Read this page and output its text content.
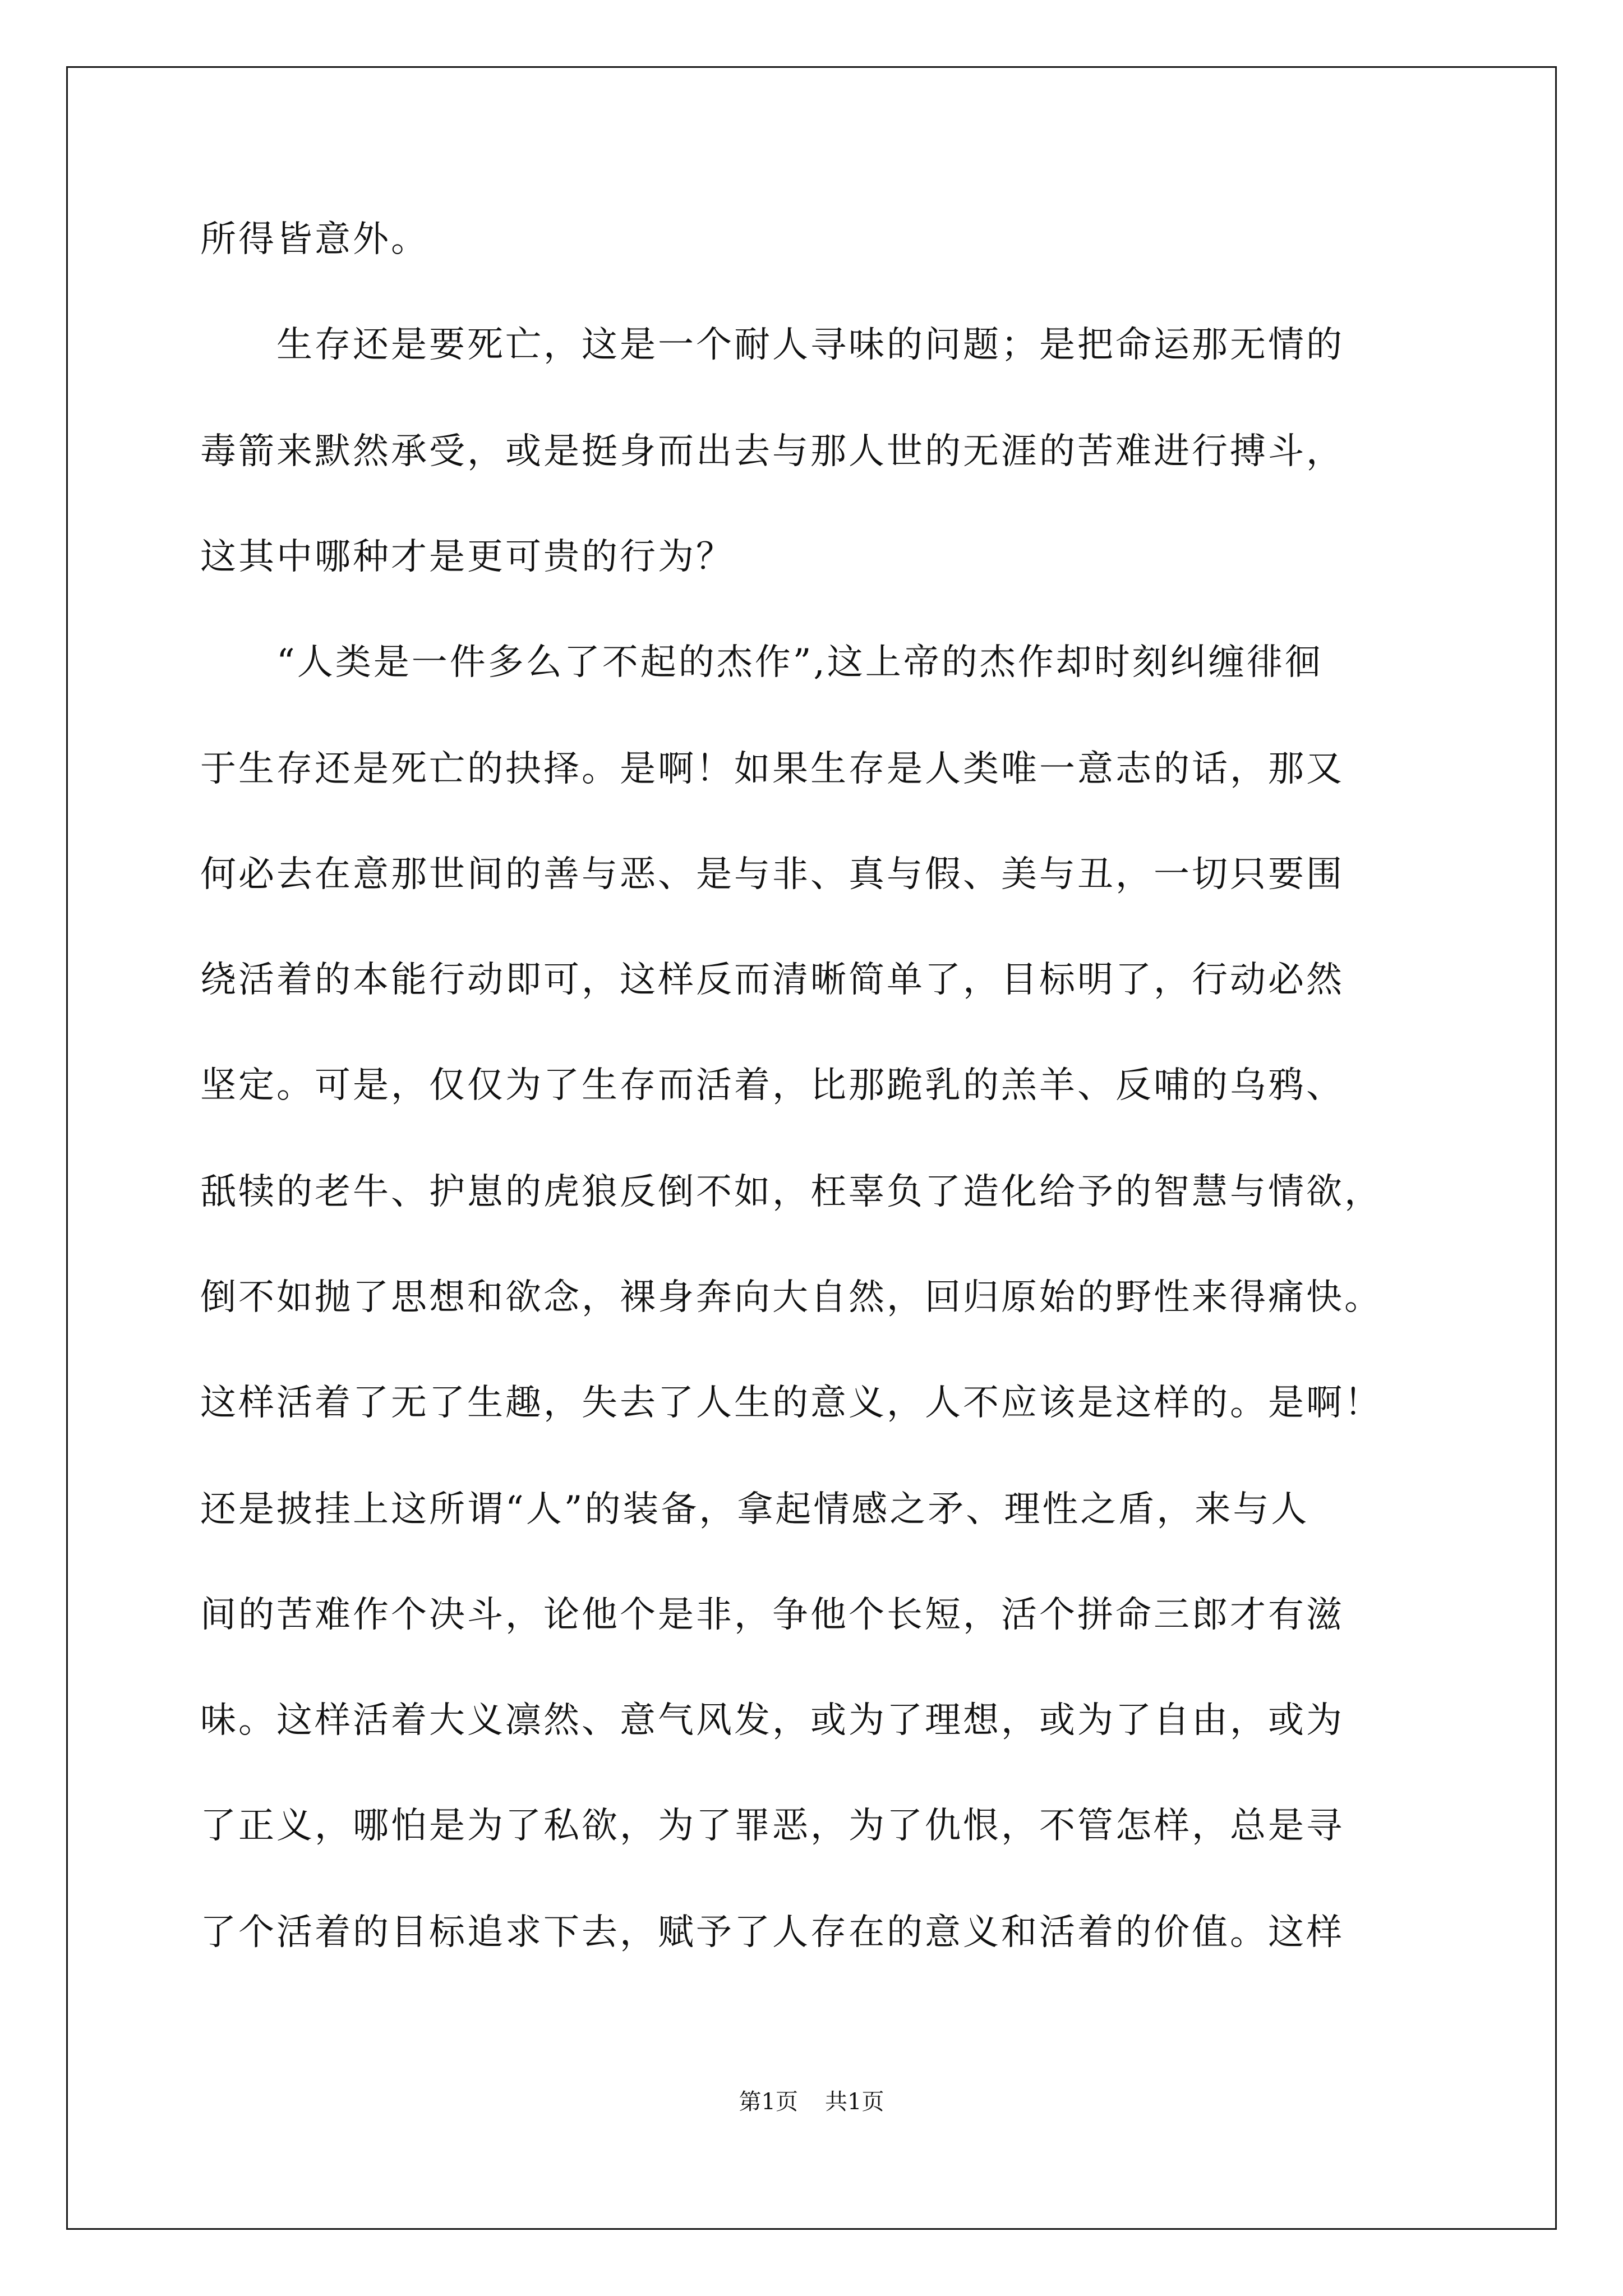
所得皆意外。
　　生存还是要死亡，这是一个耐人寻味的问题；是把命运那无情的
毒箭来默然承受，或是挺身而出去与那人世的无涯的苦难进行搏斗，
这其中哪种才是更可贵的行为？
　　“人类是一件多么了不起的杰作”,这上帝的杰作却时刻纠缠徘徊
于生存还是死亡的抉择。是啊！如果生存是人类唯一意志的话，那又
何必去在意那世间的善与恶、是与非、真与假、美与丑，一切只要围
绕活着的本能行动即可，这样反而清晰简单了，目标明了，行动必然
坚定。可是，仅仅为了生存而活着，比那跪乳的羔羊、反哺的乌鸦、
舐犊的老牛、护崽的虎狼反倒不如，枉辜负了造化给予的智慧与情欲，
倒不如抛了思想和欲念，裸身奔向大自然，回归原始的野性来得痛快。
这样活着了无了生趣，失去了人生的意义，人不应该是这样的。是啊！
还是披挂上这所谓“人”的装备，拿起情感之矛、理性之盾，来与人
间的苦难作个决斗，论他个是非，争他个长短，活个拼命三郎才有滋
味。这样活着大义凛然、意气风发，或为了理想，或为了自由，或为
了正义，哪怕是为了私欲，为了罪恶，为了仇恨，不管怎样，总是寻
了个活着的目标追求下去，赋予了人存在的意义和活着的价值。这样
第1页 共1页
